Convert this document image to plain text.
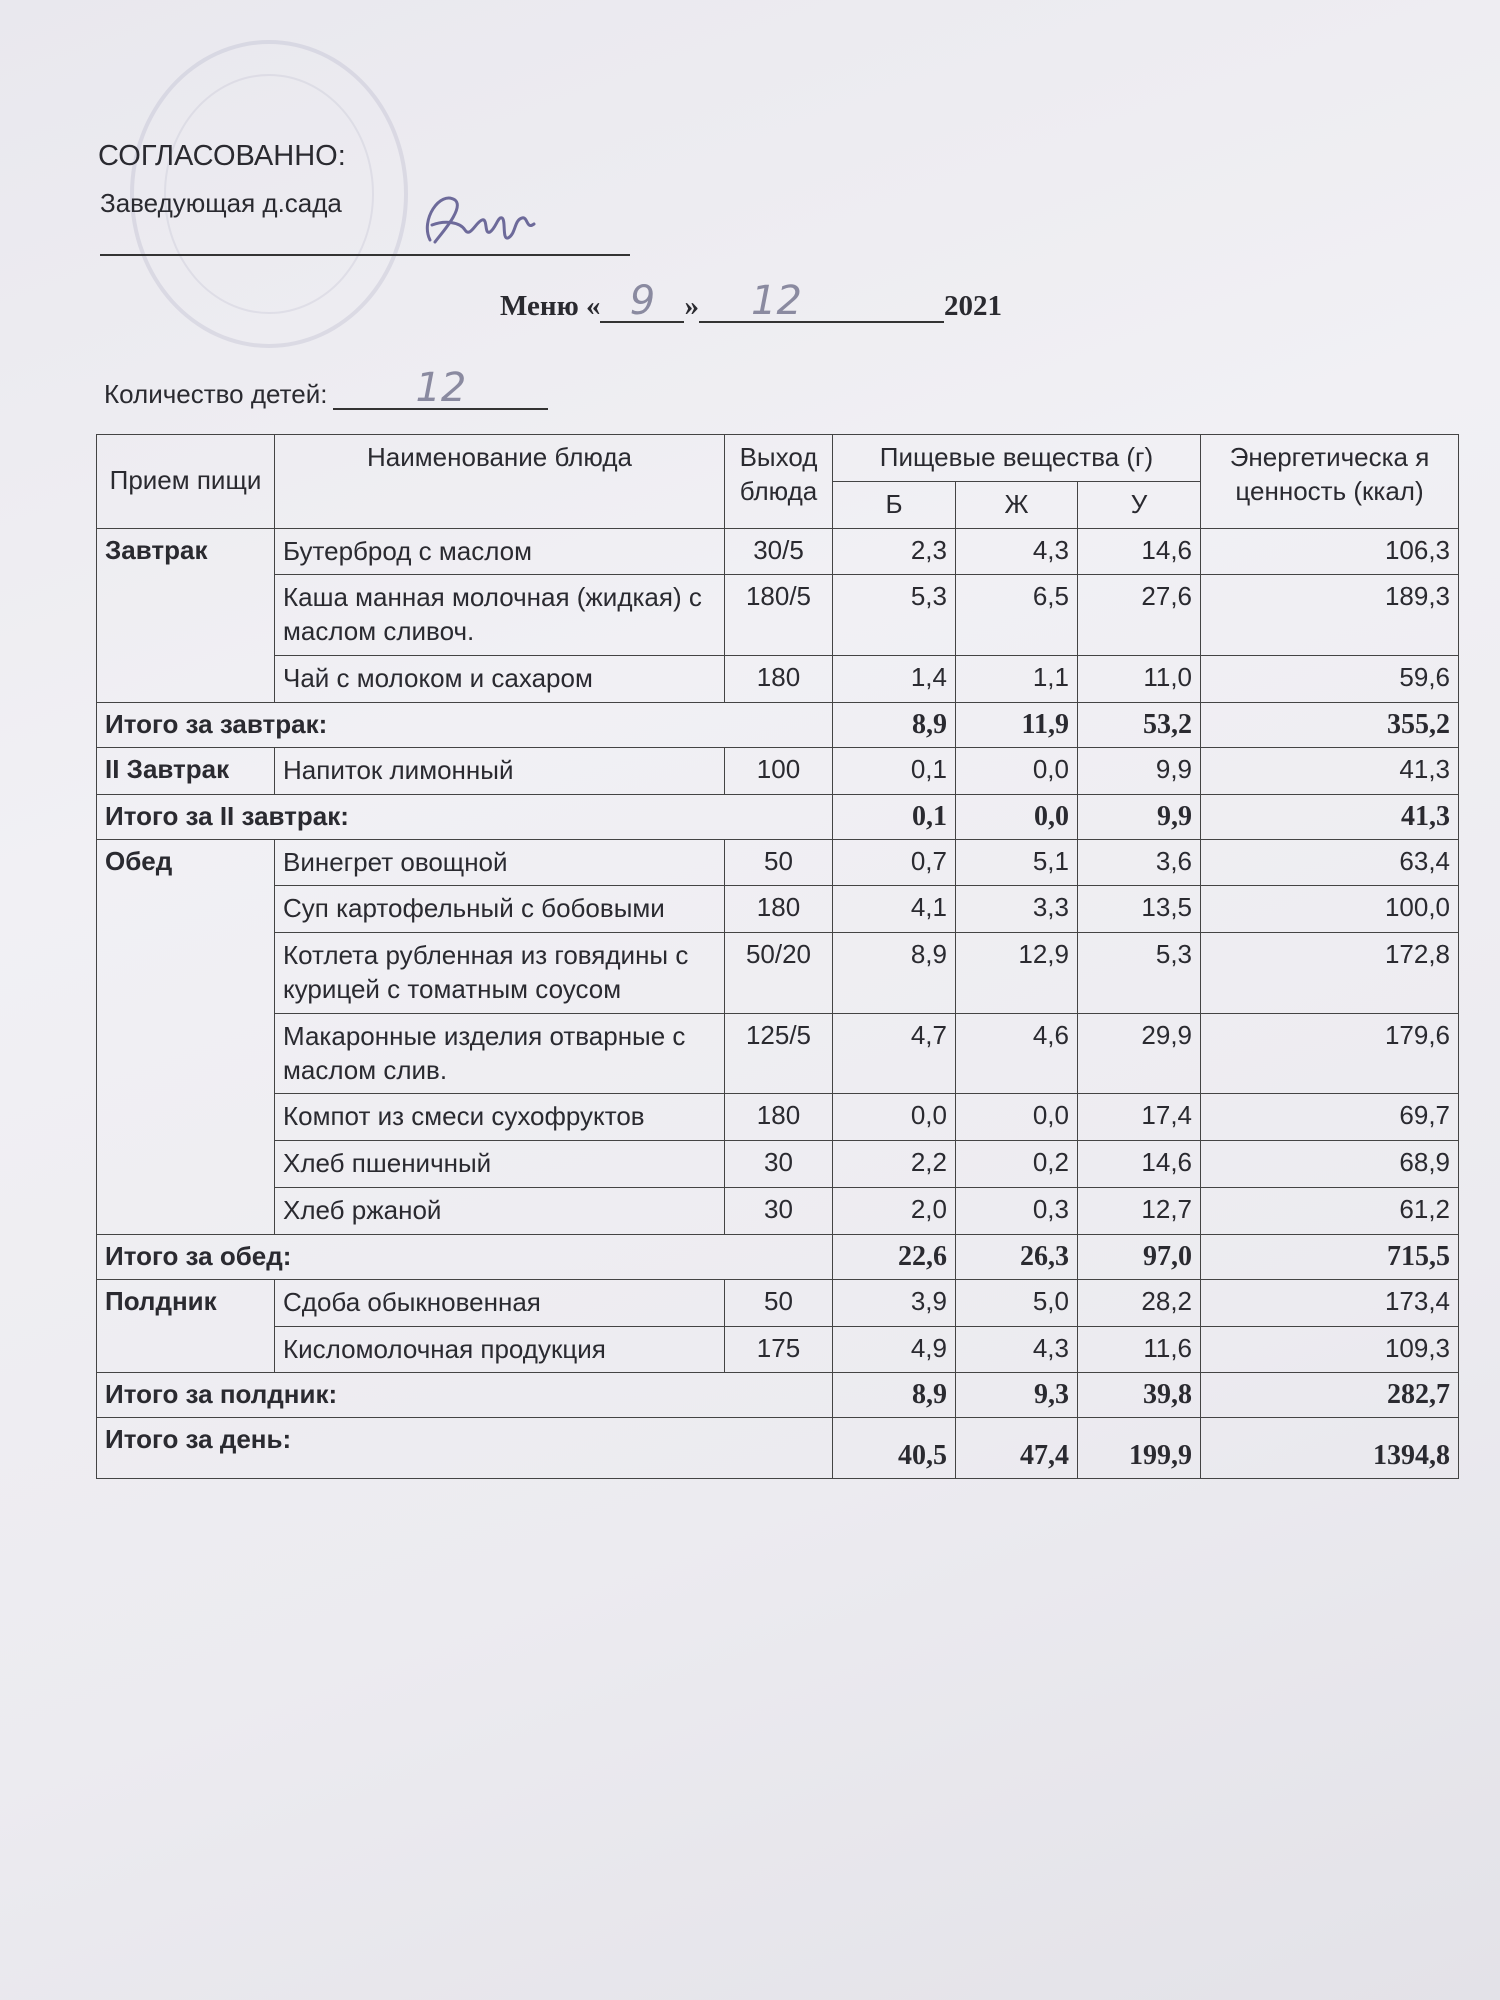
СОГЛАСОВАННО:
Заведующая д.сада
Меню « 9	»	12	2021
Количество детей:	12
Прием пищи	Наименование блюда	Выход блюда	Пищевые вещества (г)			Энергетическа я ценность (ккал)
			Б	Ж	У	
Завтрак	Бутерброд с маслом	30/5	2,3	4,3	14,6	106,3
	Каша манная молочная (жидкая) с маслом сливоч.	180/5	5,3	6,5	27,6	189,3
	Чай с молоком и сахаром	180	1,4	1,1	11,0	59,6
Итого за завтрак:			8,9	11,9	53,2	355,2
II Завтрак	Напиток лимонный	100	0,1	0,0	9,9	41,3
Итого за II завтрак:			0,1	0,0	9,9	41,3
Обед	Винегрет овощной	50	0,7	5,1	3,6	63,4
	Суп картофельный с бобовыми	180	4,1	3,3	13,5	100,0
	Котлета рубленная из говядины с курицей с томатным соусом	50/20	8,9	12,9	5,3	172,8
	Макаронные изделия отварные с маслом слив.	125/5	4,7	4,6	29,9	179,6
	Компот из смеси сухофруктов	180	0,0	0,0	17,4	69,7
	Хлеб пшеничный	30	2,2	0,2	14,6	68,9
	Хлеб ржаной	30	2,0	0,3	12,7	61,2
Итого за обед:			22,6	26,3	97,0	715,5
Полдник	Сдоба обыкновенная	50	3,9	5,0	28,2	173,4
	Кисломолочная продукция	175	4,9	4,3	11,6	109,3
Итого за полдник:			8,9	9,3	39,8	282,7
Итого за день:			40,5	47,4	199,9	1394,8
